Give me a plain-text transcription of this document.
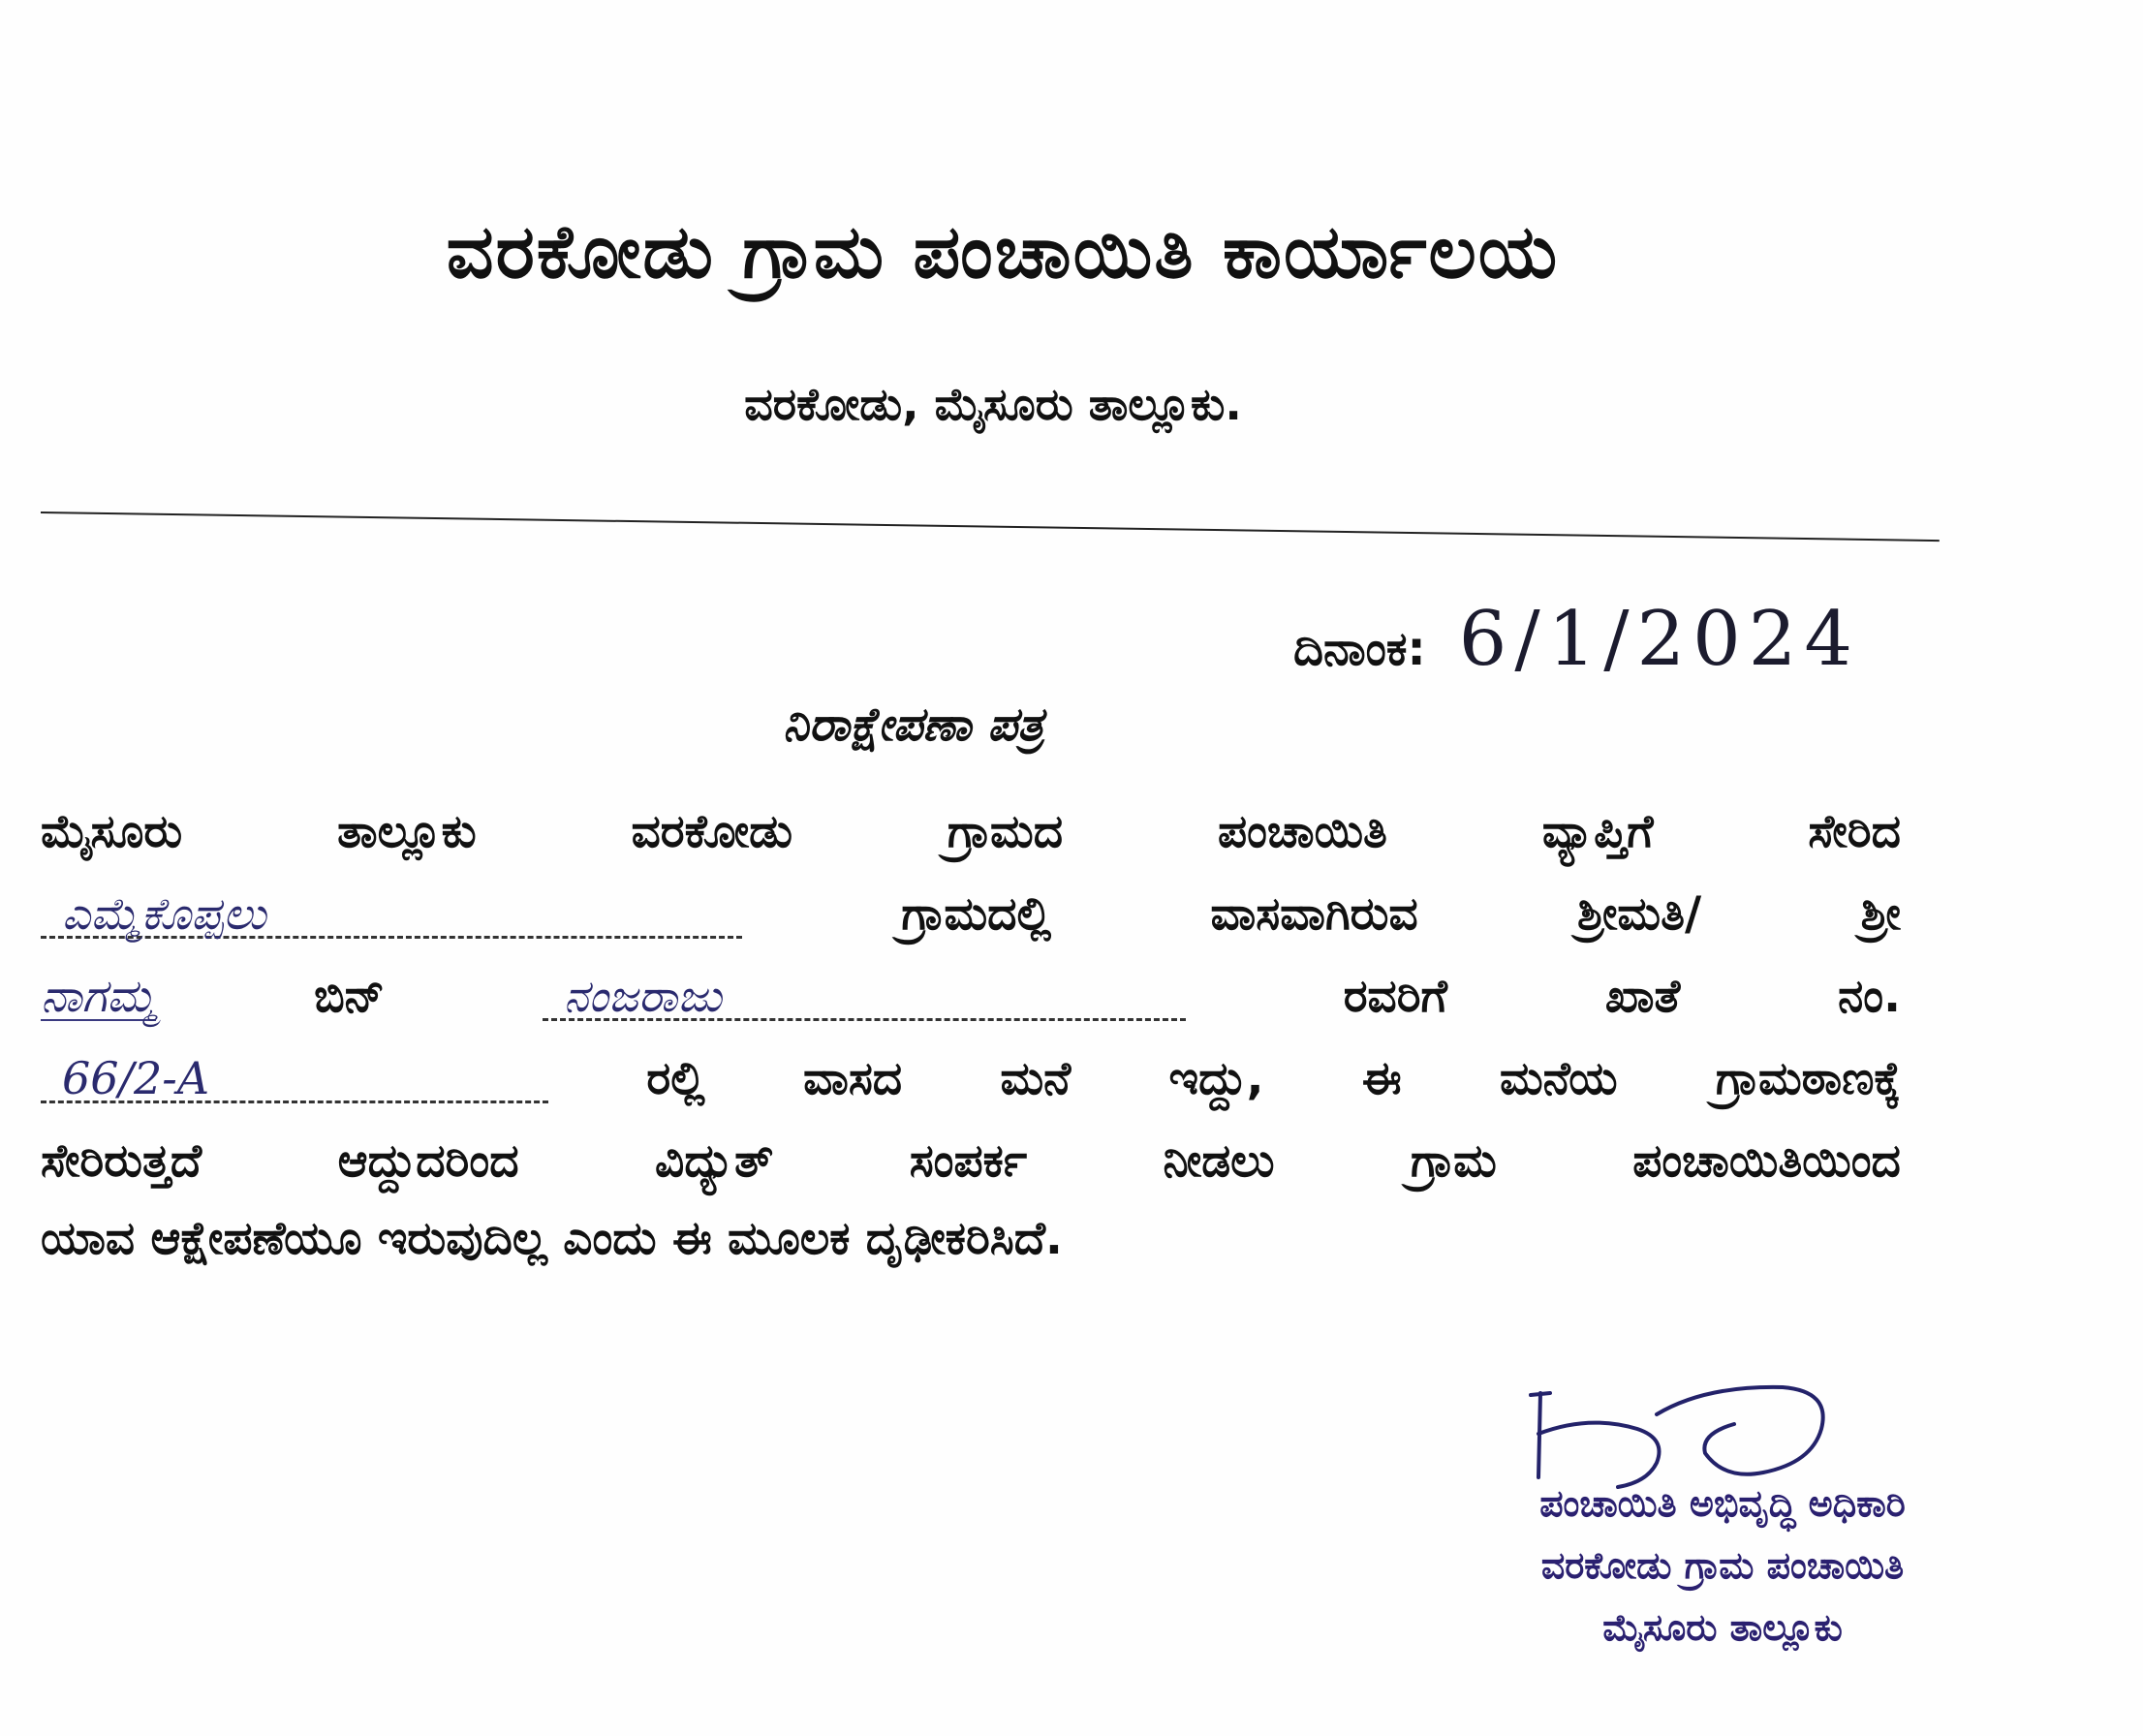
ವರಕೋಡು ಗ್ರಾಮ ಪಂಚಾಯಿತಿ ಕಾರ್ಯಾಲಯ
ವರಕೋಡು, ಮೈಸೂರು ತಾಲ್ಲೂಕು.
ದಿನಾಂಕ: 6/1/2024
ನಿರಾಕ್ಷೇಪಣಾ ಪತ್ರ
ಮೈಸೂರು	ತಾಲ್ಲೂಕು	ವರಕೋಡು	ಗ್ರಾಮದ	ಪಂಚಾಯಿತಿ	ವ್ಯಾಪ್ತಿಗೆ	ಸೇರಿದ
ಎಮ್ಮೆಕೊಪ್ಪಲು	ಗ್ರಾಮದಲ್ಲಿ	ವಾಸವಾಗಿರುವ	ಶ್ರೀಮತಿ/	ಶ್ರೀ
ನಾಗಮ್ಮ	ಬಿನ್	ನಂಜರಾಜು	ರವರಿಗೆ	ಖಾತೆ	ನಂ.
66/2-A	ರಲ್ಲಿ ವಾಸದ ಮನೆ ಇದ್ದು, ಈ ಮನೆಯ ಗ್ರಾಮಠಾಣಕ್ಕೆ
ಸೇರಿರುತ್ತದೆ	ಆದ್ದುದರಿಂದ	ವಿದ್ಯುತ್	ಸಂಪರ್ಕ	ನೀಡಲು	ಗ್ರಾಮ	ಪಂಚಾಯಿತಿಯಿಂದ
ಯಾವ ಆಕ್ಷೇಪಣೆಯೂ ಇರುವುದಿಲ್ಲ ಎಂದು ಈ ಮೂಲಕ ದೃಢೀಕರಿಸಿದೆ.
ಪಂಚಾಯಿತಿ ಅಭಿವೃದ್ಧಿ ಅಧಿಕಾರಿ
ವರಕೋಡು ಗ್ರಾಮ ಪಂಚಾಯಿತಿ
ಮೈಸೂರು ತಾಲ್ಲೂಕು
